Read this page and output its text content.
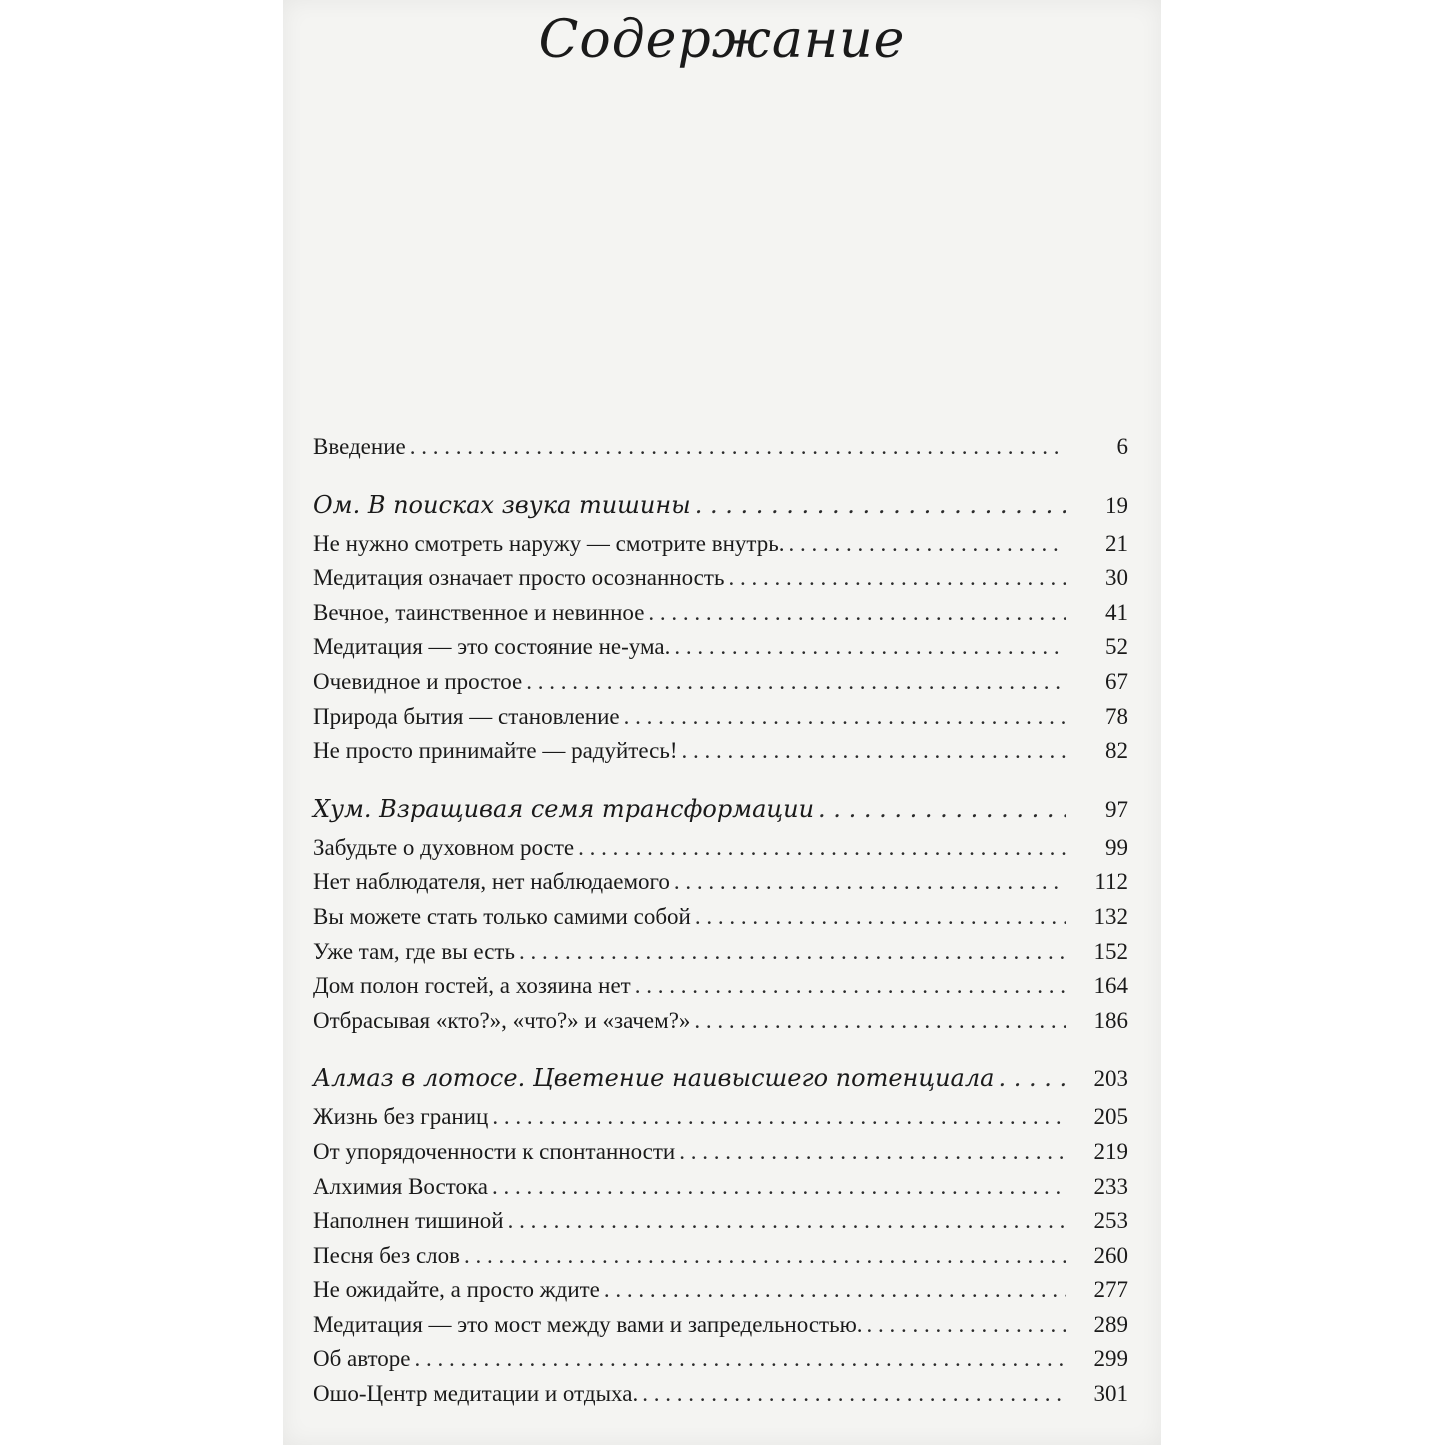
Содержание
Введение . . .	6
Ом. В поисках звука тишины . . .	19
Не нужно смотреть наружу — смотрите внутрь. . . .	21
Медитация означает просто осознанность . . .	30
Вечное, таинственное и невинное . . .	41
Медитация — это состояние не-ума. . . .	52
Очевидное и простое . . .	67
Природа бытия — становление . . .	78
Не просто принимайте — радуйтесь! . . .	82
Хум. Взращивая семя трансформации . . .	97
Забудьте о духовном росте . . .	99
Нет наблюдателя, нет наблюдаемого . . .	112
Вы можете стать только самими собой . . .	132
Уже там, где вы есть . . .	152
Дом полон гостей, а хозяина нет . . .	164
Отбрасывая «кто?», «что?» и «зачем?» . . .	186
Алмаз в лотосе. Цветение наивысшего потенциала . . .	203
Жизнь без границ . . .	205
От упорядоченности к спонтанности . . .	219
Алхимия Востока . . .	233
Наполнен тишиной . . .	253
Песня без слов . . .	260
Не ожидайте, а просто ждите . . .	277
Медитация — это мост между вами и запредельностью. . . .	289
Об авторе . . .	299
Ошо-Центр медитации и отдыха. . . .	301
